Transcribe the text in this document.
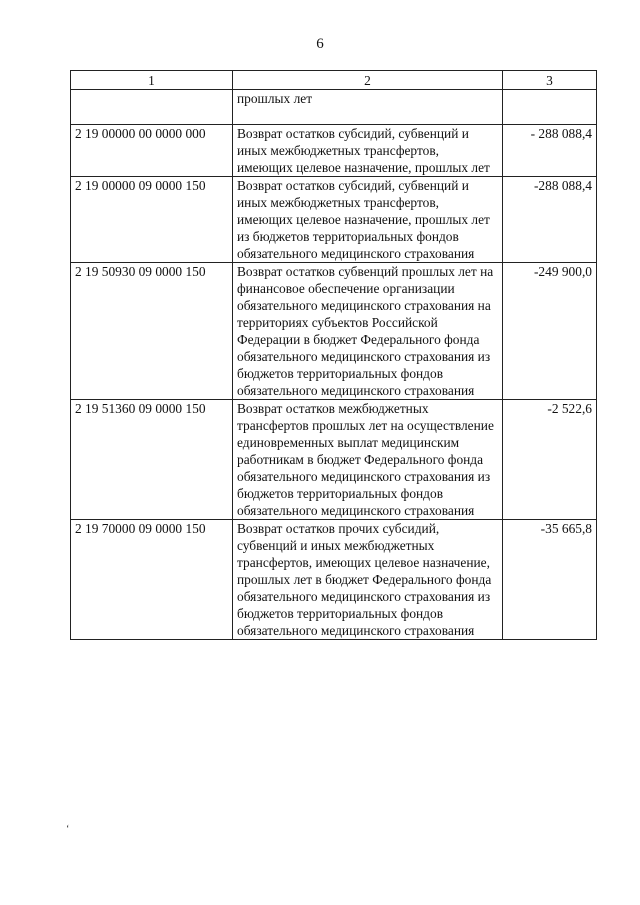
6
1	2	3
	прошлых лет	
2 19 00000 00 0000 000	Возврат остатков субсидий, субвенций и иных межбюджетных трансфертов, имеющих целевое назначение, прошлых лет	- 288 088,4
2 19 00000 09 0000 150	Возврат остатков субсидий, субвенций и иных межбюджетных трансфертов, имеющих целевое назначение, прошлых лет из бюджетов территориальных фондов обязательного медицинского страхования	-288 088,4
2 19 50930 09 0000 150	Возврат остатков субвенций прошлых лет на финансовое обеспечение организации обязательного медицинского страхования на территориях субъектов Российской Федерации в бюджет Федерального фонда обязательного медицинского страхования из бюджетов территориальных фондов обязательного медицинского страхования	-249 900,0
2 19 51360 09 0000 150	Возврат остатков межбюджетных трансфертов прошлых лет на осуществление единовременных выплат медицинским работникам в бюджет Федерального фонда обязательного медицинского страхования из бюджетов территориальных фондов обязательного медицинского страхования	-2 522,6
2 19 70000 09 0000 150	Возврат остатков прочих субсидий, субвенций и иных межбюджетных трансфертов, имеющих целевое назначение, прошлых лет в бюджет Федерального фонда обязательного медицинского страхования из бюджетов территориальных фондов обязательного медицинского страхования	-35 665,8
‘
